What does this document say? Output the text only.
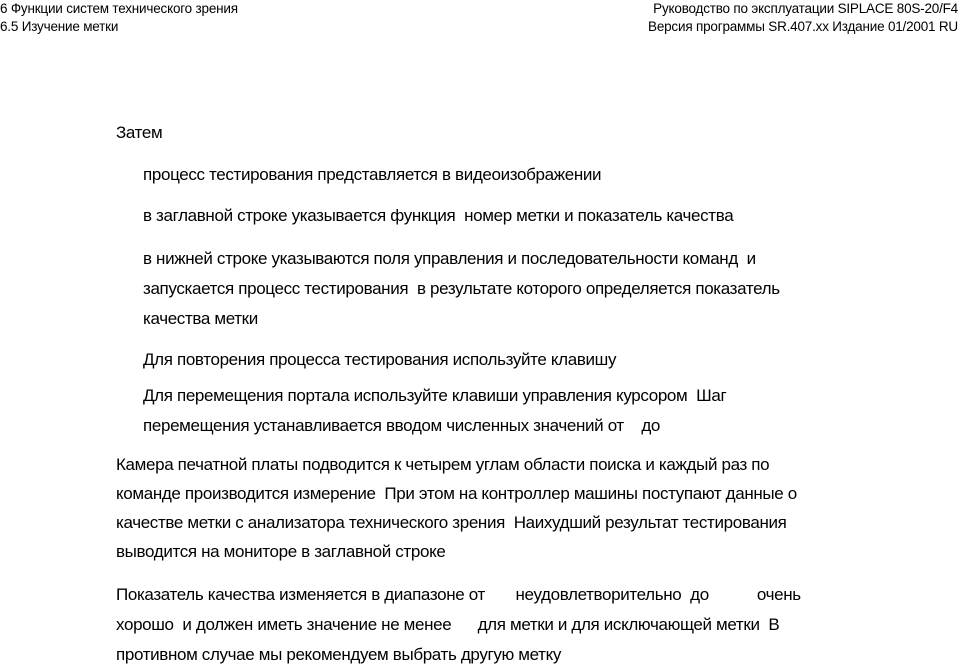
6 Функции систем технического зрения
6.5 Изучение метки
Руководство по эксплуатации SIPLACE 80S-20/F4
Версия программы SR.407.xx Издание 01/2001 RU
Затем
процесс тестирования представляется в видеоизображении
в заглавной строке указывается функция  номер метки и показатель качества
в нижней строке указываются поля управления и последовательности команд  и
запускается процесс тестирования  в результате которого определяется показатель
качества метки
Для повторения процесса тестирования используйте клавишу
Для перемещения портала используйте клавиши управления курсором  Шаг
перемещения устанавливается вводом численных значений от    до
Камера печатной платы подводится к четырем углам области поиска и каждый раз по
команде производится измерение  При этом на контроллер машины поступают данные о
качестве метки с анализатора технического зрения  Наихудший результат тестирования
выводится на мониторе в заглавной строке
Показатель качества изменяется в диапазоне от       неудовлетворительно  до           очень
хорошо  и должен иметь значение не менее      для метки и для исключающей метки  В
противном случае мы рекомендуем выбрать другую метку
